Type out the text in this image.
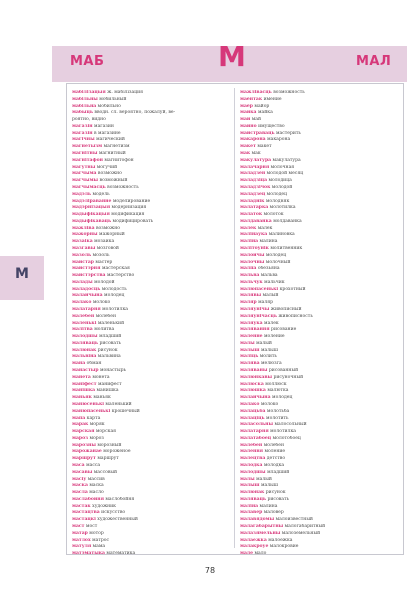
МАБ	М	МАЛ
М
мабілізацыя ж. мабілізация
мабільны мобильный
мабільна мобильно
мабыць вводн. сл. вероятно, пожалуй, ве-
роятно, видно
магазін магазин
магазін в магазине
магічны магический
магнетызм магнетизм
магнітны магнитный
магнітафон магнитофон
магутны могучий
магчыма возможно
магчымы возможный
магчымасць возможность
мадэль модель
мадэліраванне моделирование
мадэрнізацыя модернизация
мадыфікацыя модификация
мадыфікаваць модифицировать
мажліва возможно
мажорны мажорный
мазаіка мозаика
мазгавы мозговой
мазоль мозоль
майстар мастер
майстэрня мастерская
майстэрства мастерство
малады молодой
маладосць молодость
малайчына молодец
малако молоко
малатарня молотилка
малебен молебен
маленькі маленький
малітва молитва
малодшы младший
маляваць рисовать
малюнак рисунок
мальвіна мальвина
мана обман
манастыр монастырь
манета монета
маніфест манифест
манішка манишка
маньяк маньяк
манюсенькі маленький
манюпасенькі крошечный
мапа карта
марак моряк
марская морская
мароз мороз
марозны морозный
марожанае мороженое
маршрут маршрут
маса масса
масавы массовый
масіў массив
маска маска
масла масло
маслабойня маслобойня
мастак художник
мастацтва искусство
мастацкі художественный
маст мост
матар мотор
матлох матрос
матуля мама
матэматыка математика
мажлівасць возможность
маёнтак имение
маёр майор
майка майка
май май
майно имущество
майстраваць мастерить
макарона макарона
макет макет
мак мак
макулатура макулатура
малачарня молочная
маладзён молодой месяц
маладзіца молодица
маладзічок молодой
маладзец молодец
маладнік молодняк
малатарка молотилка
малаток молоток
малдаванка молдаванка
малёк малёк
малінаўка малиновка
маліна малина
малітоўнік молитвенник
малойчы молодец
малочны молочный
малпа обезьяна
мальва мальва
мальчук мальчик
малюпасенькі крохотный
малявы малый
маляр маляр
маляўнічы живописный
маляўнічасць живописность
маляўка малёк
малявання рисование
маленне моление
малы малый
малыш малыш
маліць молить
малява мелюзга
маляваны рисованный
малюнкавы рисуночный
малюска моллюск
малюшка малютка
малайчына молодец
малако молоко
малацьба молотьба
малаціць молотить
маласольны малосольный
малатарня молотилка
малатабоец молотобоец
малебен молебен
малення моление
малецтва детство
малодка молодка
малодшы младший
малы малый
малыш малыш
малюнак рисунок
маляваць рисовать
маліна малина
малавер маловер
малавядомы малоизвестный
малагабарытны малогабаритный
малазямельны малоземельный
малаежка малоежка
малакроўе малокровие
мале мало
78
